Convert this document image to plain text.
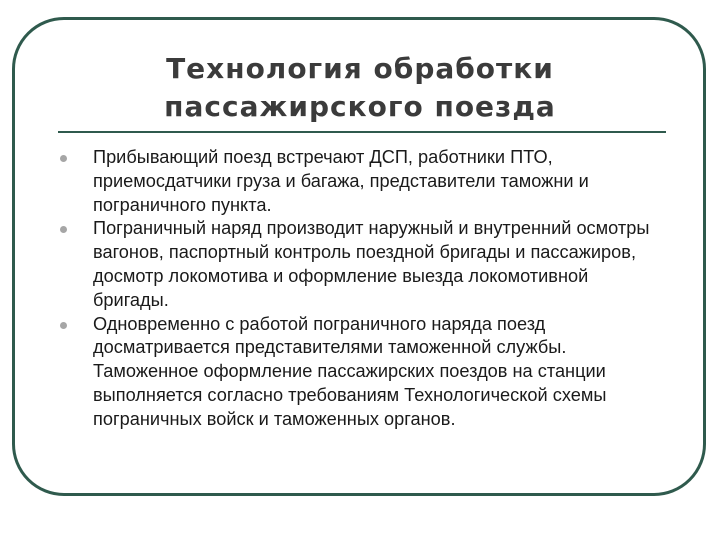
Технология обработки пассажирского поезда
Прибывающий поезд встречают ДСП, работники ПТО, приемосдатчики груза и багажа, представители таможни и пограничного пункта.
Пограничный наряд производит наружный и внутренний осмотры вагонов, паспортный контроль поездной бригады и пассажиров, досмотр локомотива и оформление выезда локомотивной бригады.
Одновременно с работой пограничного наряда поезд досматривается представителями таможенной службы. Таможенное оформление пассажирских поездов на станции выполняется согласно требованиям Технологической схемы пограничных войск и таможенных органов.
